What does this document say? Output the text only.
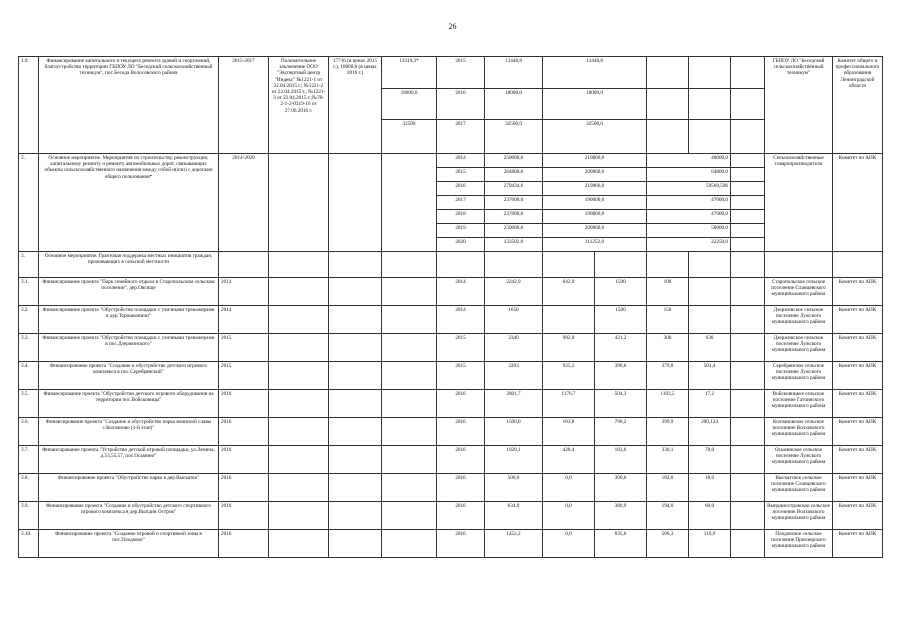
26
1.9.	Финансирование капитального и текущего ремонта зданий и сооружений, благоустройство территории ГБПОУ ЛО "Беседский сельскохозяйственный техникум", пос.Беседа Волосовского района	2015-2017	Положительное заключение ООО "Экспертный центр "Индекс" №1221-1 от 22.04.2015 г.; №1221-2 от 22.04.2015 г.; №1221-3 от 22.04.2015 г.;№78-2-1-2-0319-16 от 27.06.2016 г.	17716 (в ценах 2015 г.), 18000,0 (в ценах 2016 г.)	13319,3*	2015	13448,8	13448,8					ГБПОУ ЛО "Беседский сельскохозяйственный техникум"	Комитет общего и профессионального образования Ленинградской области
					18000,0	2016	18000,0	18000,0						
					32500	2017	32500,0	32500,0						
2.	Основное мероприятие. Мероприятия по строительству, реконструкции, капитальному ремонту и ремонту автомобильных дорог, связывающих объекты сельскохозяйственного назначения между собой и(или) с дорогами общего пользования*	2014-2020				2014	250000,0	210000,0		40000,0			Сельскохозяйственные товаропроизводители	Комитет по АПК
						2015	264800,0	200000,0		64800,0				
						2016	279434,6	219866,0		59568,596				
						2017	237000,0	190000,0		47000,0				
						2018	237000,0	190000,0		47000,0				
						2019	250000,0	200000,0		50000,0				
						2020	133502,0	111252,0		22250,0				
3.	Основное мероприятие. Грантовая поддержка местных инициатив граждан, проживающих в сельской местности													
3.1.	Финансирование проекта "Парк семейного отдыха в Старопольском сельском поселении", дер.Овсище	2014				2014	2242,9	642,9	1500	100			Старопольское сельское поселение Сланцевского муниципального района	Комитет по АПК
3.2.	Финансирование проекта "Обустройство площадки с уличными тренажерами в дер.Торошковичи"	2014				2014	1650		1500	150			Дзержинское сельское поселение Лужского муниципального района	Комитет по АПК
3.3.	Финансирование проекта "Обустройство площадки с уличными тренажерами в пос.Дзержинского"	2015				2015	2340	982,8	421,2	300	636		Дзержинское сельское поселение Лужского муниципального района	Комитет по АПК
3.4.	Финансирование проекта "Создание и обустройство детского игрового комплекса в пос.Серебрянский"	2015				2015	2203	925,2	396,6	379,8	501,4		Серебрянское сельское поселение Лужского муниципального района	Комитет по АПК
3.5.	Финансирование проекта "Обустройство детского игрового оборудования на территории пос.Войсковицы"	2016				2016	2801,7	1176,7	504,3	1103,5	17,2		Войсковицкое сельское поселение Гатчинского муниципального района	Комитет по АПК
3.6.	Финансирование проекта "Создание и обустройство парка воинской славы с.Колчаново (1-й этап)"	2016				2016	1500,0	103,8	796,2	399,9	200,124		Колчановское сельское поселение Волховского муниципального района	Комитет по АПК
3.7.	Финансирование проекта "Устройство детской игровой площадки, ул.Ленина, д.53,55,57, пос.Осьмино"	2016				2016	1020,1	428,4	183,6	330,1	78,0		Осьминское сельское поселение Лужского муниципального района	Комитет по АПК
3.8.	Финансирование проекта "Обустройство парка в дер.Выскатка"	2016				2016	500,0	0,0	300,0	182,0	18,0		Выскатское сельское поселение Сланцевского муниципального района	Комитет по АПК
3.9.	Финансирование проекта "Создание и обустройство детского спортивного игрового комплекса в дер.Выпдин Остров"	2016				2016	634,9	0,0	380,9	194,0	60,0		Вындиностровское сельское поселение Волховского муниципального района	Комитет по АПК
3.10.	Финансирование проекта "Создание игровой и спортивной зоны в пос.Плодовое"	2016				2016	1452,2	0,0	835,0	506,3	110,9		Плодовское сельское поселение Приозерского муниципального района	Комитет по АПК
